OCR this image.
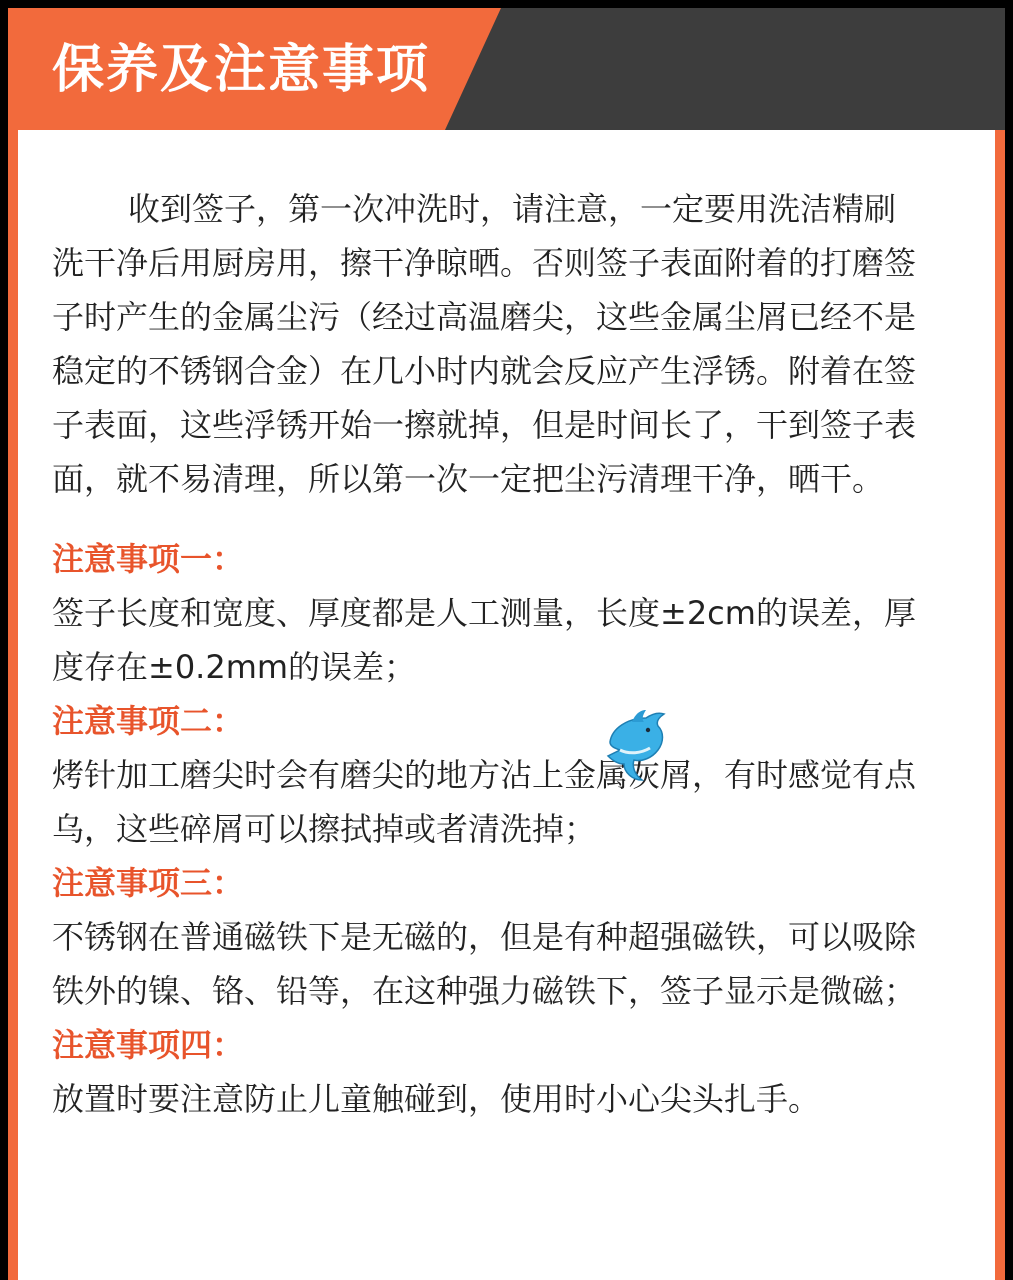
保养及注意事项

收到签子，第一次冲洗时，请注意，一定要用洗洁精刷洗干净后用厨房用，擦干净晾晒。否则签子表面附着的打磨签子时产生的金属尘污（经过高温磨尖，这些金属尘屑已经不是稳定的不锈钢合金）在几小时内就会反应产生浮锈。附着在签子表面，这些浮锈开始一擦就掉，但是时间长了，干到签子表面，就不易清理，所以第一次一定把尘污清理干净，晒干。

注意事项一：

签子长度和宽度、厚度都是人工测量，长度±2cm的误差，厚度存在±0.2mm的误差；

注意事项二：

烤针加工磨尖时会有磨尖的地方沾上金属灰屑，有时感觉有点乌，这些碎屑可以擦拭掉或者清洗掉；

注意事项三：

不锈钢在普通磁铁下是无磁的，但是有种超强磁铁，可以吸除铁外的镍、铬、铅等，在这种强力磁铁下，签子显示是微磁；

注意事项四：

放置时要注意防止儿童触碰到，使用时小心尖头扎手。
